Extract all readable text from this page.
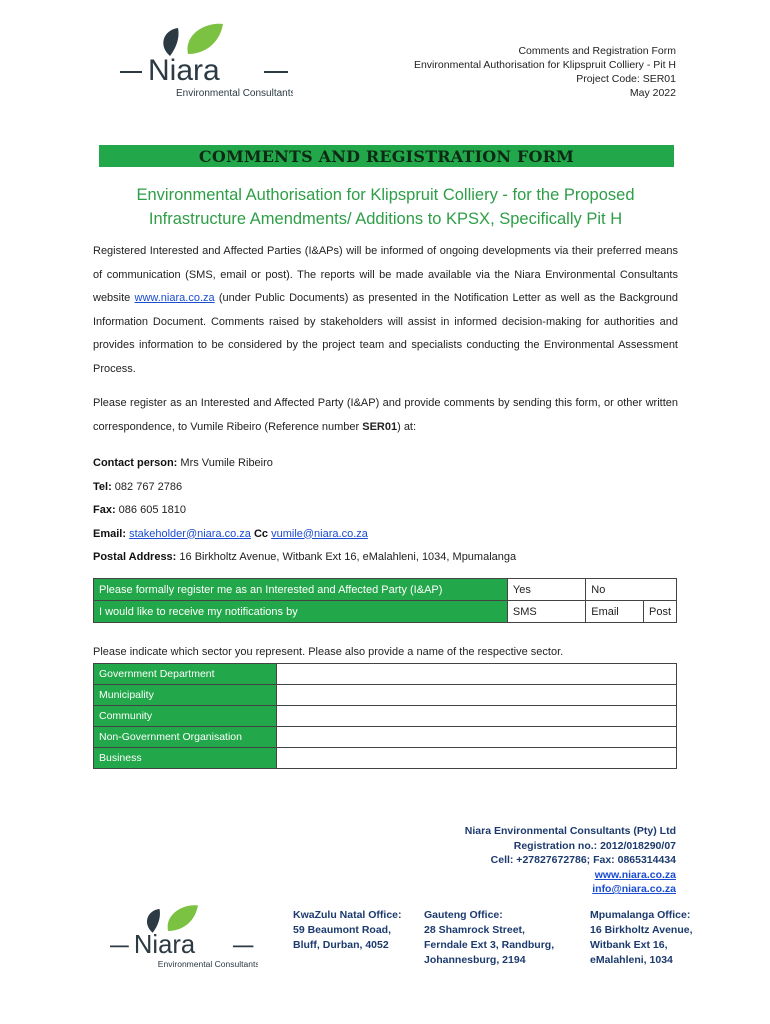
Niara
Environmental Consultants
Comments and Registration Form
Environmental Authorisation for Klipspruit Colliery - Pit H
Project Code: SER01
May 2022
COMMENTS AND REGISTRATION FORM
Environmental Authorisation for Klipspruit Colliery - for the Proposed
Infrastructure Amendments/ Additions to KPSX, Specifically Pit H
Registered Interested and Affected Parties (I&APs) will be informed of ongoing developments via their preferred means of communication (SMS, email or post). The reports will be made available via the Niara Environmental Consultants website www.niara.co.za (under Public Documents) as presented in the Notification Letter as well as the Background Information Document. Comments raised by stakeholders will assist in informed decision-making for authorities and provides information to be considered by the project team and specialists conducting the Environmental Assessment Process.
Please register as an Interested and Affected Party (I&AP) and provide comments by sending this form, or other written correspondence, to Vumile Ribeiro (Reference number SER01) at:
Contact person: Mrs Vumile Ribeiro
Tel: 082 767 2786
Fax: 086 605 1810
Email: stakeholder@niara.co.za Cc vumile@niara.co.za
Postal Address: 16 Birkholtz Avenue, Witbank Ext 16, eMalahleni, 1034, Mpumalanga
Please formally register me as an Interested and Affected Party (I&AP)	Yes	No	
I would like to receive my notifications by	SMS	Email	Post
Please indicate which sector you represent. Please also provide a name of the respective sector.
Government Department	
Municipality	
Community	
Non-Government Organisation	
Business	
Niara Environmental Consultants (Pty) Ltd
Registration no.: 2012/018290/07
Cell: +27827672786; Fax: 0865314434
www.niara.co.za
info@niara.co.za
Niara
Environmental Consultants
KwaZulu Natal Office:
59 Beaumont Road,
Bluff, Durban, 4052
Gauteng Office:
28 Shamrock Street,
Ferndale Ext 3, Randburg,
Johannesburg, 2194
Mpumalanga Office:
16 Birkholtz Avenue,
Witbank Ext 16,
eMalahleni, 1034
